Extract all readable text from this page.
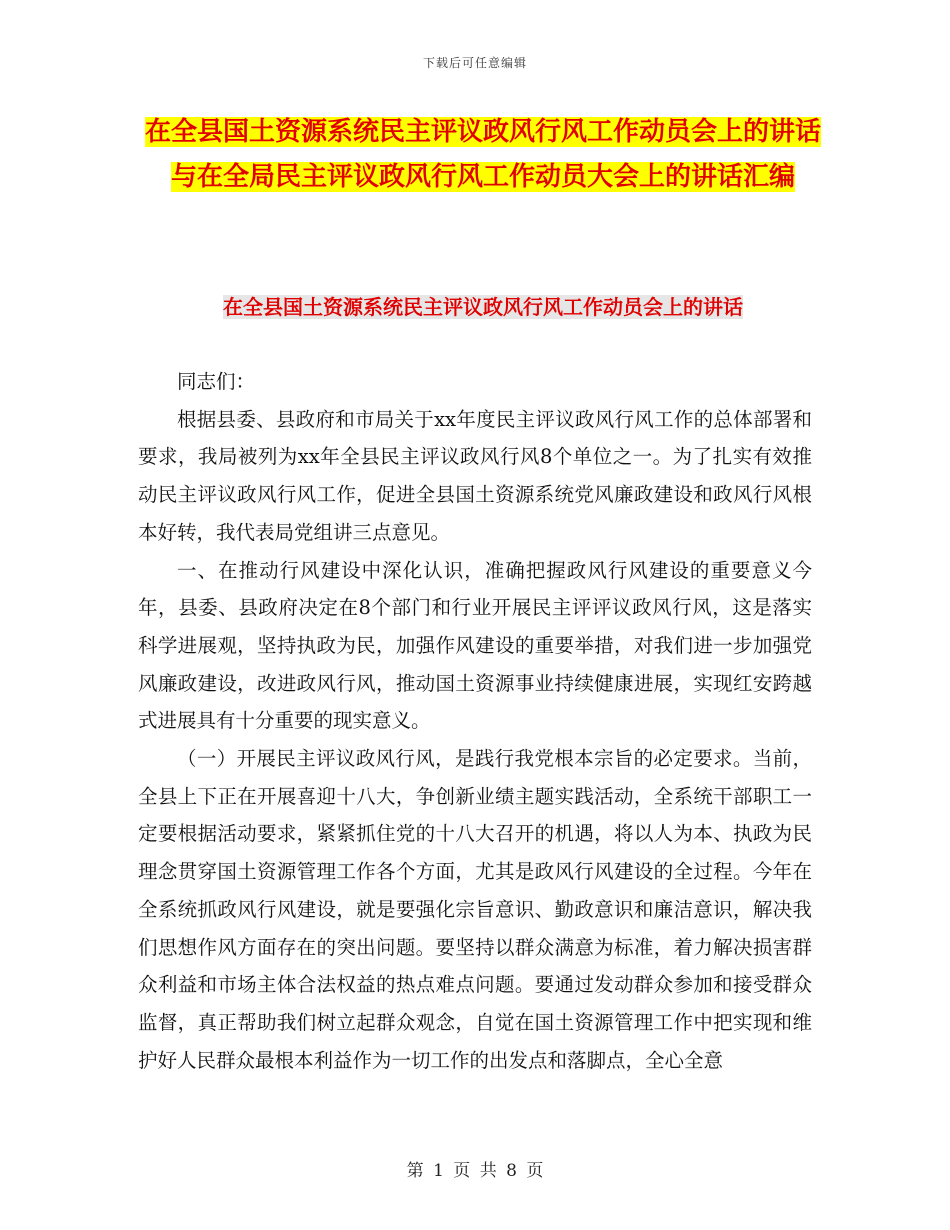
下载后可任意编辑
在全县国土资源系统民主评议政风行风工作动员会上的讲话与在全局民主评议政风行风工作动员大会上的讲话汇编
在全县国土资源系统民主评议政风行风工作动员会上的讲话

同志们：

根据县委、县政府和市局关于xx年度民主评议政风行风工作的总体部署和要求，我局被列为xx年全县民主评议政风行风8个单位之一。为了扎实有效推动民主评议政风行风工作，促进全县国土资源系统党风廉政建设和政风行风根本好转，我代表局党组讲三点意见。

一、在推动行风建设中深化认识，准确把握政风行风建设的重要意义今年，县委、县政府决定在8个部门和行业开展民主评评议政风行风，这是落实科学进展观，坚持执政为民，加强作风建设的重要举措，对我们进一步加强党风廉政建设，改进政风行风，推动国土资源事业持续健康进展，实现红安跨越式进展具有十分重要的现实意义。

（一）开展民主评议政风行风，是践行我党根本宗旨的必定要求。当前，全县上下正在开展喜迎十八大，争创新业绩主题实践活动，全系统干部职工一定要根据活动要求，紧紧抓住党的十八大召开的机遇，将以人为本、执政为民理念贯穿国土资源管理工作各个方面，尤其是政风行风建设的全过程。今年在全系统抓政风行风建设，就是要强化宗旨意识、勤政意识和廉洁意识，解决我们思想作风方面存在的突出问题。要坚持以群众满意为标准，着力解决损害群众利益和市场主体合法权益的热点难点问题。要通过发动群众参加和接受群众监督，真正帮助我们树立起群众观念，自觉在国土资源管理工作中把实现和维护好人民群众最根本利益作为一切工作的出发点和落脚点，全心全意

第 1 页 共 8 页
